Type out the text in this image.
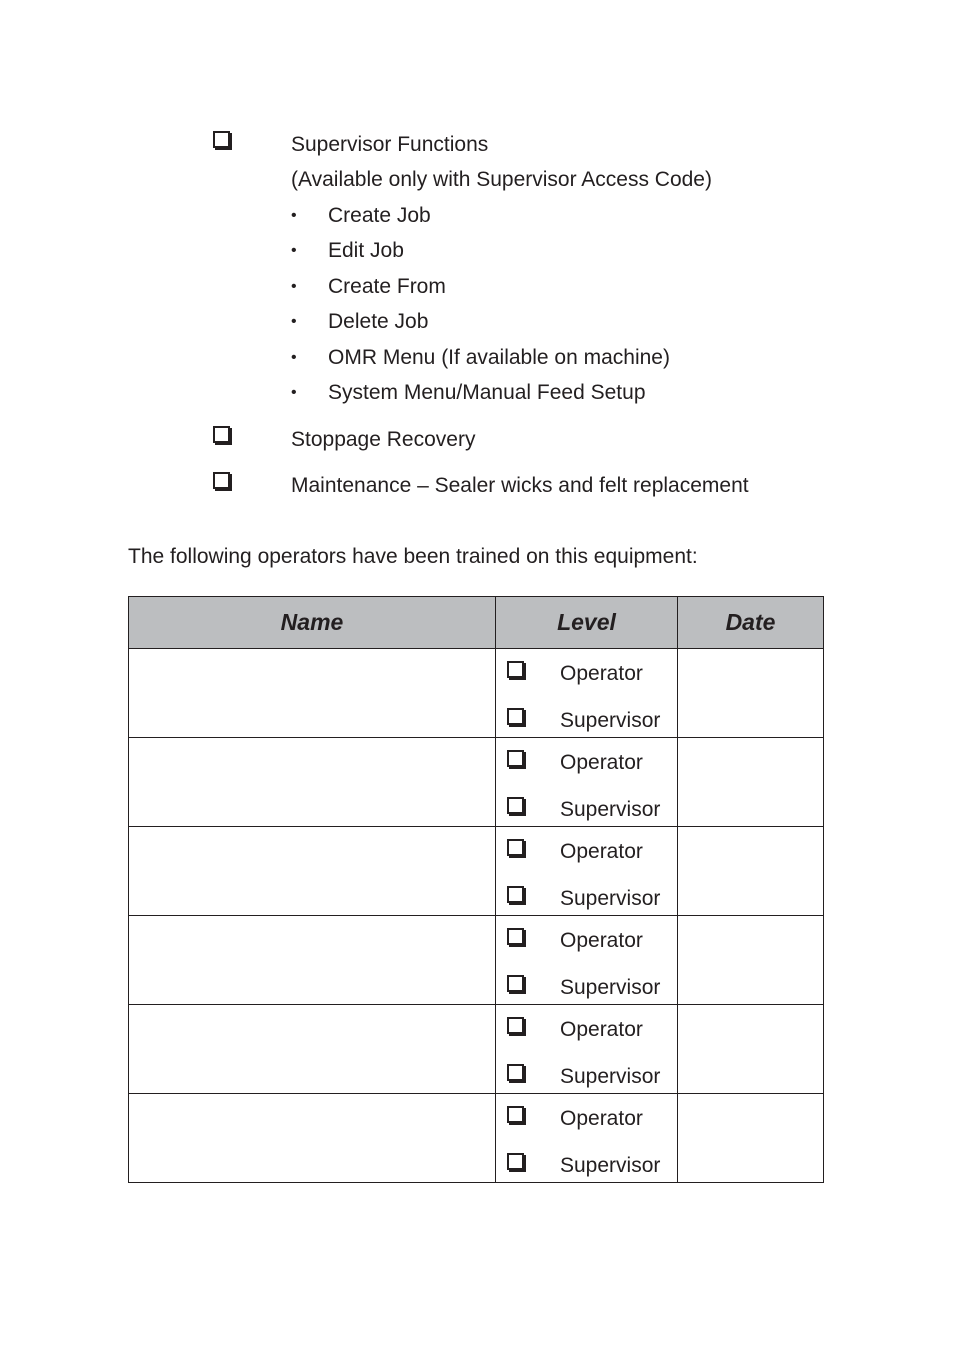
Supervisor Functions
(Available only with Supervisor Access Code)
• Create Job
• Edit Job
• Create From
• Delete Job
• OMR Menu (If available on machine)
• System Menu/Manual Feed Setup
Stoppage Recovery
Maintenance – Sealer wicks and felt replacement
The following operators have been trained on this equipment:
Name	Level	Date

	Operator
Supervisor	

	Operator
Supervisor	

	Operator
Supervisor	

	Operator
Supervisor	

	Operator
Supervisor	

	Operator
Supervisor	
